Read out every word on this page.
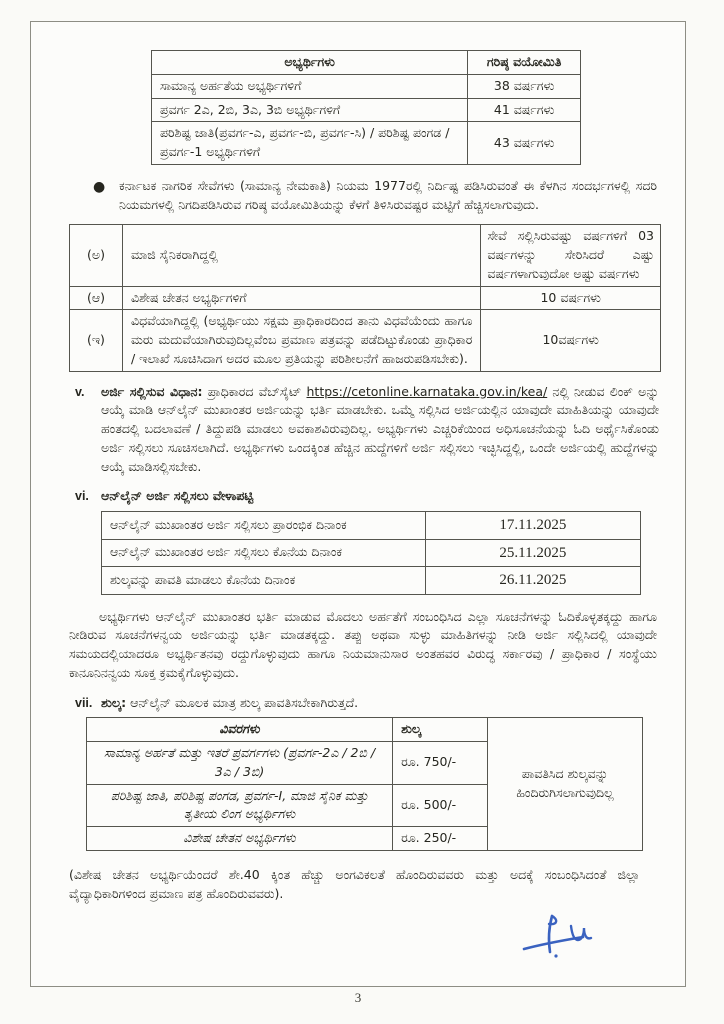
ಅಭ್ಯರ್ಥಿಗಳು	ಗರಿಷ್ಠ ವಯೋಮಿತಿ
ಸಾಮಾನ್ಯ ಅರ್ಹತೆಯ ಅಭ್ಯರ್ಥಿಗಳಿಗೆ	38 ವರ್ಷಗಳು
ಪ್ರವರ್ಗ 2ಎ, 2ಬಿ, 3ಎ, 3ಬಿ ಅಭ್ಯರ್ಥಿಗಳಿಗೆ	41 ವರ್ಷಗಳು
ಪರಿಶಿಷ್ಟ ಜಾತಿ(ಪ್ರವರ್ಗ-ಎ, ಪ್ರವರ್ಗ-ಬಿ, ಪ್ರವರ್ಗ-ಸಿ) / ಪರಿಶಿಷ್ಟ ಪಂಗಡ /ಪ್ರವರ್ಗ-1 ಅಭ್ಯರ್ಥಿಗಳಿಗೆ	43 ವರ್ಷಗಳು
●	ಕರ್ನಾಟಕ ನಾಗರಿಕ ಸೇವೆಗಳು (ಸಾಮಾನ್ಯ ನೇಮಕಾತಿ) ನಿಯಮ 1977ರಲ್ಲಿ ನಿರ್ದಿಷ್ಟ ಪಡಿಸಿರುವಂತೆ ಈ ಕೆಳಗಿನ ಸಂದರ್ಭಗಳಲ್ಲಿ ಸದರಿ ನಿಯಮಗಳಲ್ಲಿ ನಿಗದಿಪಡಿಸಿರುವ ಗರಿಷ್ಠ ವಯೋಮಿತಿಯನ್ನು ಕೆಳಗೆ ತಿಳಿಸಿರುವಷ್ಟರ ಮಟ್ಟಿಗೆ ಹೆಚ್ಚಿಸಲಾಗುವುದು.
(ಅ)	ಮಾಜಿ ಸೈನಿಕರಾಗಿದ್ದಲ್ಲಿ	ಸೇವೆ ಸಲ್ಲಿಸಿರುವಷ್ಟು ವರ್ಷಗಳಿಗೆ 03 ವರ್ಷಗಳನ್ನು ಸೇರಿಸಿದರೆ ಎಷ್ಟು ವರ್ಷಗಳಾಗುವುದೋ ಅಷ್ಟು ವರ್ಷಗಳು
(ಆ)	ವಿಶೇಷ ಚೇತನ ಅಭ್ಯರ್ಥಿಗಳಿಗೆ	10 ವರ್ಷಗಳು
(ಇ)	ವಿಧವೆಯಾಗಿದ್ದಲ್ಲಿ (ಅಭ್ಯರ್ಥಿಯು ಸಕ್ಷಮ ಪ್ರಾಧಿಕಾರದಿಂದ ತಾನು ವಿಧವೆಯೆಂದು ಹಾಗೂ ಮರು ಮದುವೆಯಾಗಿರುವುದಿಲ್ಲವೆಂಬ ಪ್ರಮಾಣ ಪತ್ರವನ್ನು ಪಡೆದಿಟ್ಟುಕೊಂಡು ಪ್ರಾಧಿಕಾರ / ಇಲಾಖೆ ಸೂಚಿಸಿದಾಗ ಅದರ ಮೂಲ ಪ್ರತಿಯನ್ನು ಪರಿಶೀಲನೆಗೆ ಹಾಜರುಪಡಿಸಬೇಕು).	10ವರ್ಷಗಳು
v.	ಅರ್ಜಿ ಸಲ್ಲಿಸುವ ವಿಧಾನ: ಪ್ರಾಧಿಕಾರದ ವೆಬ್‌ಸೈಟ್ https://cetonline.karnataka.gov.in/kea/ ನಲ್ಲಿ ನೀಡುವ ಲಿಂಕ್ ಅನ್ನು ಆಯ್ಕೆ ಮಾಡಿ ಆನ್‌ಲೈನ್ ಮುಖಾಂತರ ಅರ್ಜಿಯನ್ನು ಭರ್ತಿ ಮಾಡಬೇಕು. ಒಮ್ಮೆ ಸಲ್ಲಿಸಿದ ಅರ್ಜಿಯಲ್ಲಿನ ಯಾವುದೇ ಮಾಹಿತಿಯನ್ನು ಯಾವುದೇ ಹಂತದಲ್ಲಿ ಬದಲಾವಣೆ / ತಿದ್ದುಪಡಿ ಮಾಡಲು ಅವಕಾಶವಿರುವುದಿಲ್ಲ. ಅಭ್ಯರ್ಥಿಗಳು ಎಚ್ಚರಿಕೆಯಿಂದ ಅಧಿಸೂಚನೆಯನ್ನು ಓದಿ ಅರ್ಥೈಸಿಕೊಂಡು ಅರ್ಜಿ ಸಲ್ಲಿಸಲು ಸೂಚಿಸಲಾಗಿದೆ. ಅಭ್ಯರ್ಥಿಗಳು ಒಂದಕ್ಕಿಂತ ಹೆಚ್ಚಿನ ಹುದ್ದೆಗಳಿಗೆ ಅರ್ಜಿ ಸಲ್ಲಿಸಲು ಇಚ್ಛಿಸಿದ್ದಲ್ಲಿ, ಒಂದೇ ಅರ್ಜಿಯಲ್ಲಿ ಹುದ್ದೆಗಳನ್ನು ಆಯ್ಕೆ ಮಾಡಿಸಲ್ಲಿಸಬೇಕು.
vi. ಆನ್‌ಲೈನ್ ಅರ್ಜಿ ಸಲ್ಲಿಸಲು ವೇಳಾಪಟ್ಟಿ
ಆನ್‌ಲೈನ್ ಮುಖಾಂತರ ಅರ್ಜಿ ಸಲ್ಲಿಸಲು ಪ್ರಾರಂಭಿಕ ದಿನಾಂಕ	17.11.2025
ಆನ್‌ಲೈನ್ ಮುಖಾಂತರ ಅರ್ಜಿ ಸಲ್ಲಿಸಲು ಕೊನೆಯ ದಿನಾಂಕ	25.11.2025
ಶುಲ್ಕವನ್ನು ಪಾವತಿ ಮಾಡಲು ಕೊನೆಯ ದಿನಾಂಕ	26.11.2025
ಅಭ್ಯರ್ಥಿಗಳು ಆನ್‌ಲೈನ್ ಮುಖಾಂತರ ಭರ್ತಿ ಮಾಡುವ ಮೊದಲು ಅರ್ಹತೆಗೆ ಸಂಬಂಧಿಸಿದ ಎಲ್ಲಾ ಸೂಚನೆಗಳನ್ನು ಓದಿಕೊಳ್ಳತಕ್ಕದ್ದು ಹಾಗೂ ನೀಡಿರುವ ಸೂಚನೆಗಳನ್ವಯ ಅರ್ಜಿಯನ್ನು ಭರ್ತಿ ಮಾಡತಕ್ಕದ್ದು. ತಪ್ಪು ಅಥವಾ ಸುಳ್ಳು ಮಾಹಿತಿಗಳನ್ನು ನೀಡಿ ಅರ್ಜಿ ಸಲ್ಲಿಸಿದಲ್ಲಿ ಯಾವುದೇ ಸಮಯದಲ್ಲಿಯಾದರೂ ಅಭ್ಯರ್ಥಿತನವು ರದ್ದುಗೊಳ್ಳುವುದು ಹಾಗೂ ನಿಯಮಾನುಸಾರ ಅಂತಹವರ ವಿರುದ್ಧ ಸರ್ಕಾರವು / ಪ್ರಾಧಿಕಾರ / ಸಂಸ್ಥೆಯು ಕಾನೂನಿನನ್ವಯ ಸೂಕ್ತ ಕ್ರಮಕೈಗೊಳ್ಳುವುದು.
vii. ಶುಲ್ಕ: ಆನ್‌ಲೈನ್ ಮೂಲಕ ಮಾತ್ರ ಶುಲ್ಕ ಪಾವತಿಸಬೇಕಾಗಿರುತ್ತದೆ.
ವಿವರಗಳು	ಶುಲ್ಕ	ಪಾವತಿಸಿದ ಶುಲ್ಕವನ್ನು ಹಿಂದಿರುಗಿಸಲಾಗುವುದಿಲ್ಲ
ಸಾಮಾನ್ಯ ಅರ್ಹತೆ ಮತ್ತು ಇತರೆ ಪ್ರವರ್ಗಗಳು (ಪ್ರವರ್ಗ-2ಎ / 2ಬಿ / 3ಎ / 3ಬಿ)	ರೂ. 750/-	
ಪರಿಶಿಷ್ಟ ಜಾತಿ, ಪರಿಶಿಷ್ಟ ಪಂಗಡ, ಪ್ರವರ್ಗ-I, ಮಾಜಿ ಸೈನಿಕ ಮತ್ತು ತೃತೀಯ ಲಿಂಗ ಅಭ್ಯರ್ಥಿಗಳು	ರೂ. 500/-	
ವಿಶೇಷ ಚೇತನ ಅಭ್ಯರ್ಥಿಗಳು	ರೂ. 250/-	
(ವಿಶೇಷ ಚೇತನ ಅಭ್ಯರ್ಥಿಯೆಂದರೆ ಶೇ.40 ಕ್ಕಿಂತ ಹೆಚ್ಚು ಅಂಗವಿಕಲತೆ ಹೊಂದಿರುವವರು ಮತ್ತು ಅದಕ್ಕೆ ಸಂಬಂಧಿಸಿದಂತೆ ಜಿಲ್ಲಾ ವೈದ್ಯಾಧಿಕಾರಿಗಳಿಂದ ಪ್ರಮಾಣ ಪತ್ರ ಹೊಂದಿರುವವರು).
3
